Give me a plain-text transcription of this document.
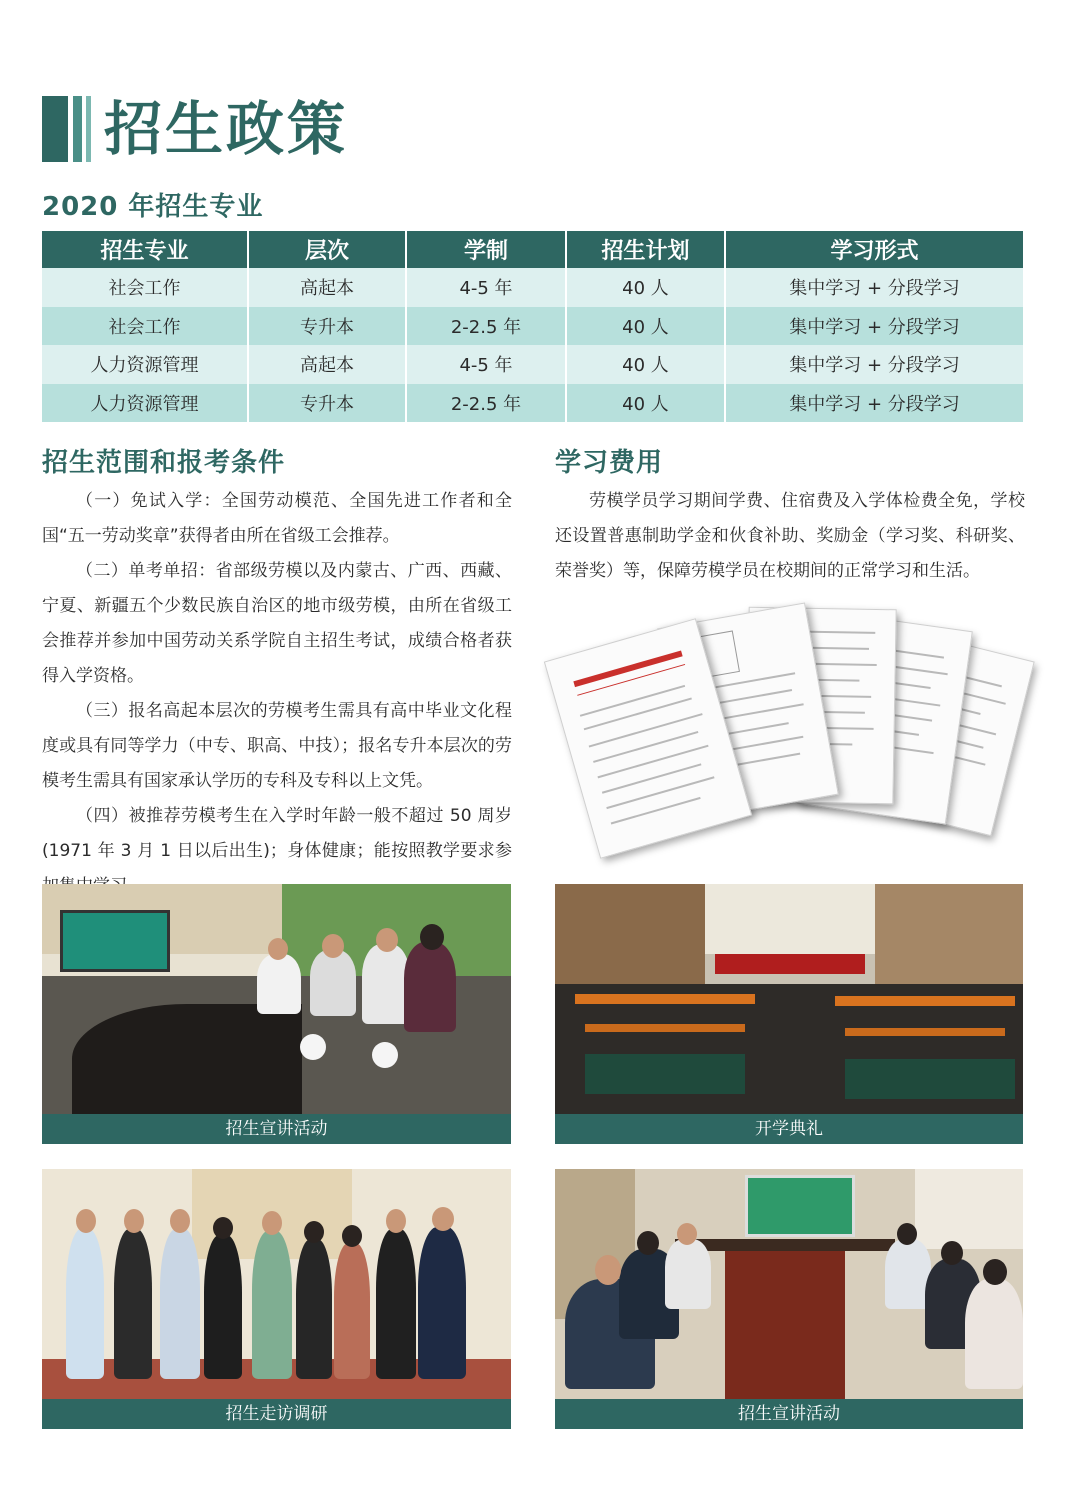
招生政策
2020 年招生专业
招生专业	层次	学制	招生计划	学习形式
社会工作	高起本	4-5 年	40 人	集中学习 + 分段学习
社会工作	专升本	2-2.5 年	40 人	集中学习 + 分段学习
人力资源管理	高起本	4-5 年	40 人	集中学习 + 分段学习
人力资源管理	专升本	2-2.5 年	40 人	集中学习 + 分段学习
招生范围和报考条件

（一）免试入学：全国劳动模范、全国先进工作者和全国“五一劳动奖章”获得者由所在省级工会推荐。

（二）单考单招：省部级劳模以及内蒙古、广西、西藏、宁夏、新疆五个少数民族自治区的地市级劳模，由所在省级工会推荐并参加中国劳动关系学院自主招生考试，成绩合格者获得入学资格。

（三）报名高起本层次的劳模考生需具有高中毕业文化程度或具有同等学力（中专、职高、中技）；报名专升本层次的劳模考生需具有国家承认学历的专科及专科以上文凭。

（四）被推荐劳模考生在入学时年龄一般不超过 50 周岁 (1971 年 3 月 1 日以后出生)；身体健康；能按照教学要求参

学习费用

劳模学员学习期间学费、住宿费及入学体检费全免，学校还设置普惠制助学金和伙食补助、奖励金（学习奖、科研奖、荣誉奖）等，保障劳模学员在校期间的正常学习和生活。

招生宣讲活动	开学典礼
招生走访调研	招生宣讲活动
